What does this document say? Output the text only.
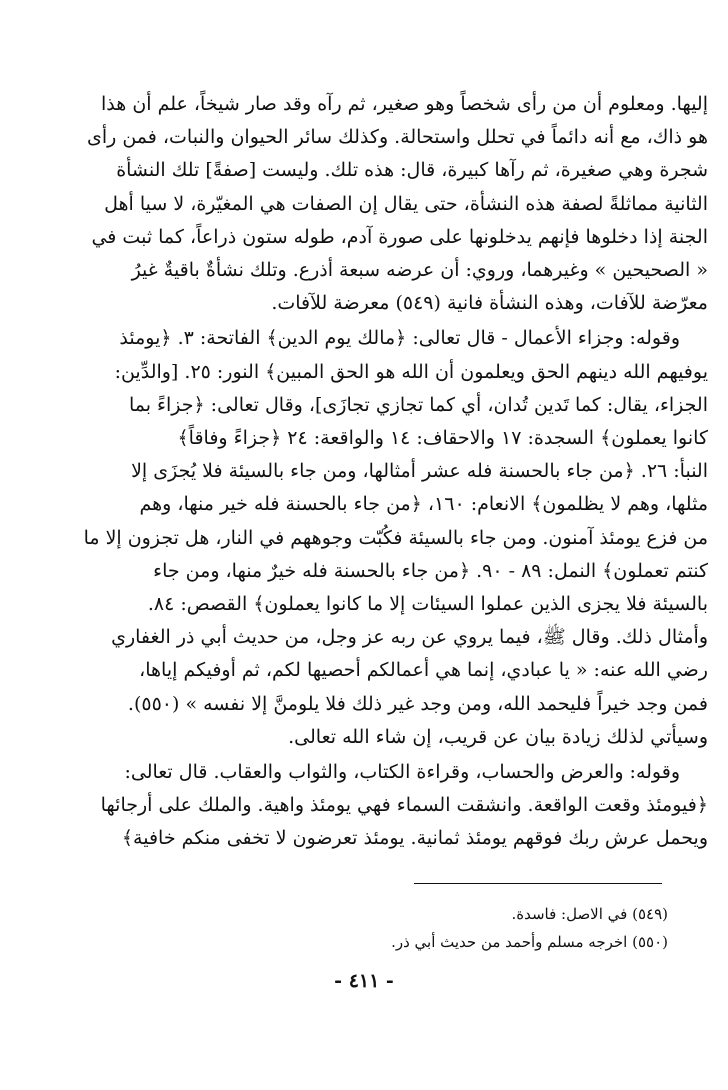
إليها. ومعلوم أن من رأى شخصاً وهو صغير، ثم رآه وقد صار شيخاً، علم أن هذا

هو ذاك، مع أنه دائماً في تحلل واستحالة. وكذلك سائر الحيوان والنبات، فمن رأى

شجرة وهي صغيرة، ثم رآها كبيرة، قال: هذه تلك. وليست [صفةً] تلك النشأة

الثانية مماثلةً لصفة هذه النشأة، حتى يقال إن الصفات هي المغيّرة، لا سيا أهل

الجنة إذا دخلوها فإنهم يدخلونها على صورة آدم، طوله ستون ذراعاً، كما ثبت في

« الصحيحين » وغيرهما، وروي: أن عرضه سبعة أذرع. وتلك نشأةٌ باقيةٌ غيرُ

معرّضة للآفات، وهذه النشأة فانية (٥٤٩) معرضة للآفات.

وقوله: وجزاء الأعمال - قال تعالى: ﴿مالك يوم الدين﴾ الفاتحة: ٣. ﴿يومئذ

يوفيهم الله دينهم الحق ويعلمون أن الله هو الحق المبين﴾ النور: ٢٥. [والدِّين:

الجزاء، يقال: كما تَدين تُدان، أي كما تجازي تجازَى]، وقال تعالى: ﴿جزاءً بما

كانوا يعملون﴾ السجدة: ١٧ والاحقاف: ١٤ والواقعة: ٢٤ ﴿جزاءً وفاقاً﴾

النبأ: ٢٦. ﴿من جاء بالحسنة فله عشر أمثالها، ومن جاء بالسيئة فلا يُجزَى إلا

مثلها، وهم لا يظلمون﴾ الانعام: ١٦٠، ﴿من جاء بالحسنة فله خير منها، وهم

من فزع يومئذ آمنون. ومن جاء بالسيئة فكُبّت وجوههم في النار، هل تجزون إلا ما

كنتم تعملون﴾ النمل: ٨٩ - ٩٠. ﴿من جاء بالحسنة فله خيرٌ منها، ومن جاء

بالسيئة فلا يجزى الذين عملوا السيئات إلا ما كانوا يعملون﴾ القصص: ٨٤.

وأمثال ذلك. وقال ﷺ، فيما يروي عن ربه عز وجل، من حديث أبي ذر الغفاري

رضي الله عنه: « يا عبادي، إنما هي أعمالكم أحصيها لكم، ثم أوفيكم إياها،

فمن وجد خيراً فليحمد الله، ومن وجد غير ذلك فلا يلومنَّ إلا نفسه » (٥٥٠).

وسيأتي لذلك زيادة بيان عن قريب، إن شاء الله تعالى.

وقوله: والعرض والحساب، وقراءة الكتاب، والثواب والعقاب. قال تعالى:

﴿فيومئذ وقعت الواقعة. وانشقت السماء فهي يومئذ واهية. والملك على أرجائها

ويحمل عرش ربك فوقهم يومئذ ثمانية. يومئذ تعرضون لا تخفى منكم خافية﴾

(٥٤٩) في الاصل: فاسدة.

(٥٥٠) اخرجه مسلم وأحمد من حديث أبي ذر.

- ٤١١ -
